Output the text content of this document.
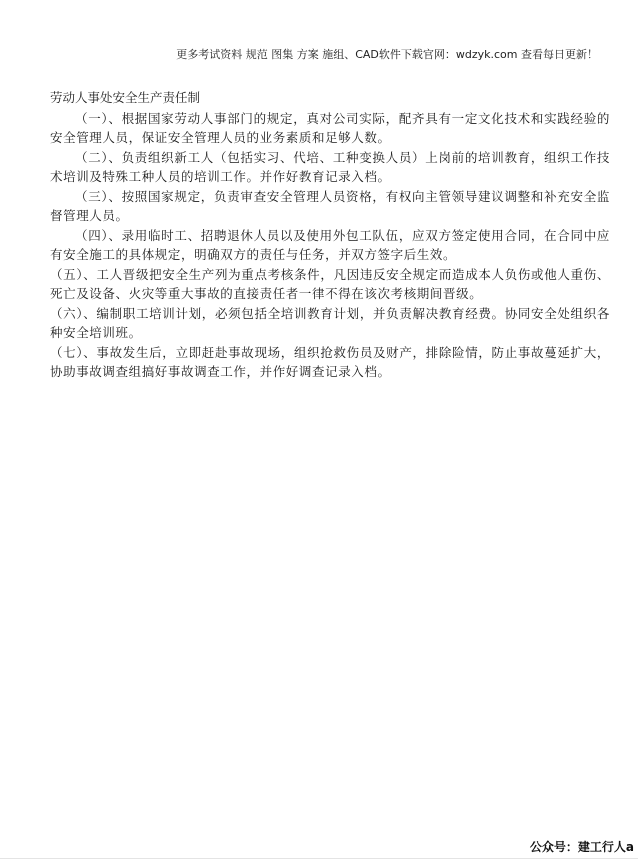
更多考试资料 规范 图集 方案 施组、CAD软件下载官网：wdzyk.com 查看每日更新！
劳动人事处安全生产责任制

（一）、根据国家劳动人事部门的规定，真对公司实际，配齐具有一定文化技术和实践经验的安全管理人员，保证安全管理人员的业务素质和足够人数。

（二）、负责组织新工人（包括实习、代培、工种变换人员）上岗前的培训教育，组织工作技术培训及特殊工种人员的培训工作。并作好教育记录入档。

（三）、按照国家规定，负责审查安全管理人员资格，有权向主管领导建议调整和补充安全监督管理人员。

（四）、录用临时工、招聘退休人员以及使用外包工队伍，应双方签定使用合同，在合同中应有安全施工的具体规定，明确双方的责任与任务，并双方签字后生效。

（五）、工人晋级把安全生产列为重点考核条件，凡因违反安全规定而造成本人负伤或他人重伤、死亡及设备、火灾等重大事故的直接责任者一律不得在该次考核期间晋级。

（六）、编制职工培训计划，必须包括全培训教育计划，并负责解决教育经费。协同安全处组织各种安全培训班。

（七）、事故发生后，立即赶赴事故现场，组织抢救伤员及财产，排除险情，防止事故蔓延扩大，协助事故调查组搞好事故调查工作，并作好调查记录入档。

公众号：建工行人a
